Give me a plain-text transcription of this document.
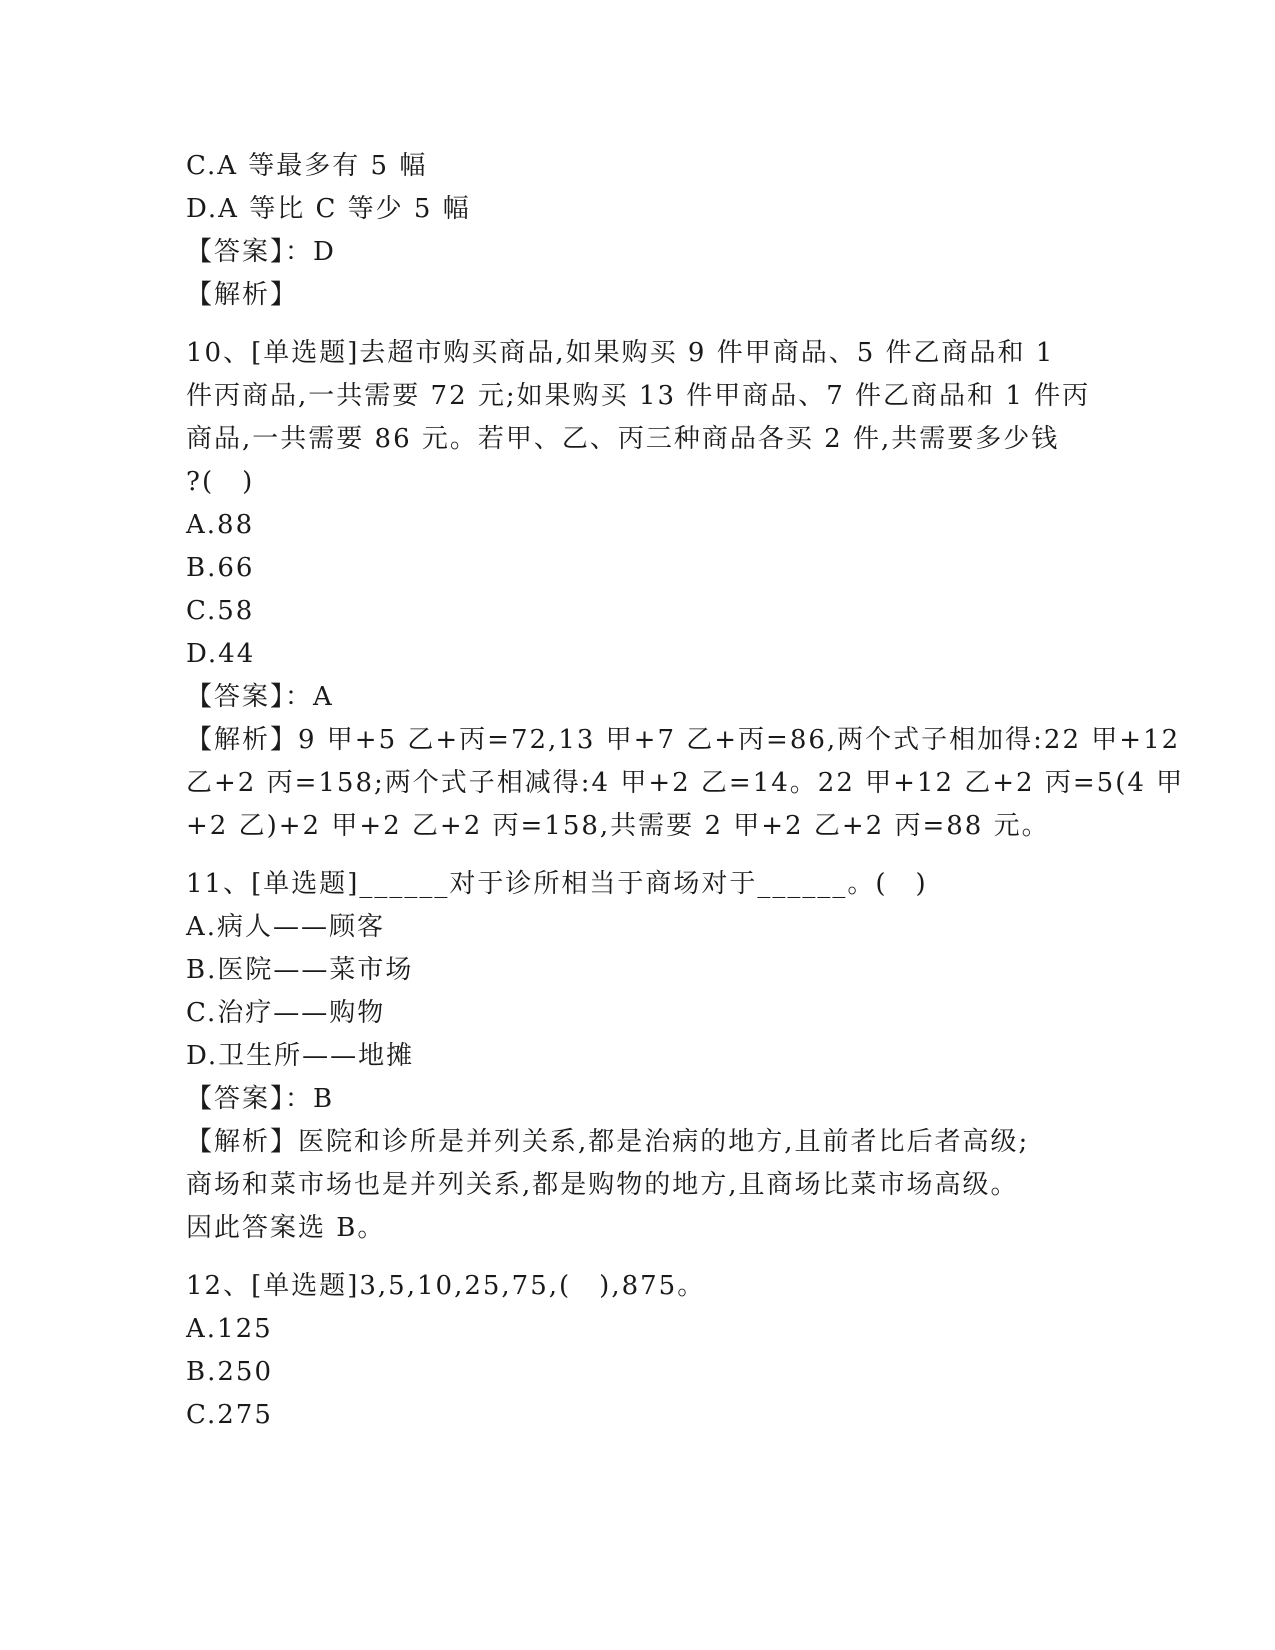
C.A 等最多有 5 幅
D.A 等比 C 等少 5 幅
【答案】：D
【解析】
10、[单选题]去超市购买商品,如果购买 9 件甲商品、5 件乙商品和 1
件丙商品,一共需要 72 元;如果购买 13 件甲商品、7 件乙商品和 1 件丙
商品,一共需要 86 元。若甲、乙、丙三种商品各买 2 件,共需要多少钱
?(　)
A.88
B.66
C.58
D.44
【答案】：A
【解析】9 甲+5 乙+丙=72,13 甲+7 乙+丙=86,两个式子相加得:22 甲+12
乙+2 丙=158;两个式子相减得:4 甲+2 乙=14。22 甲+12 乙+2 丙=5(4 甲
+2 乙)+2 甲+2 乙+2 丙=158,共需要 2 甲+2 乙+2 丙=88 元。
11、[单选题]______对于诊所相当于商场对于______。(　)
A.病人——顾客
B.医院——菜市场
C.治疗——购物
D.卫生所——地摊
【答案】：B
【解析】医院和诊所是并列关系,都是治病的地方,且前者比后者高级;
商场和菜市场也是并列关系,都是购物的地方,且商场比菜市场高级。
因此答案选 B。
12、[单选题]3,5,10,25,75,(　),875。
A.125
B.250
C.275
